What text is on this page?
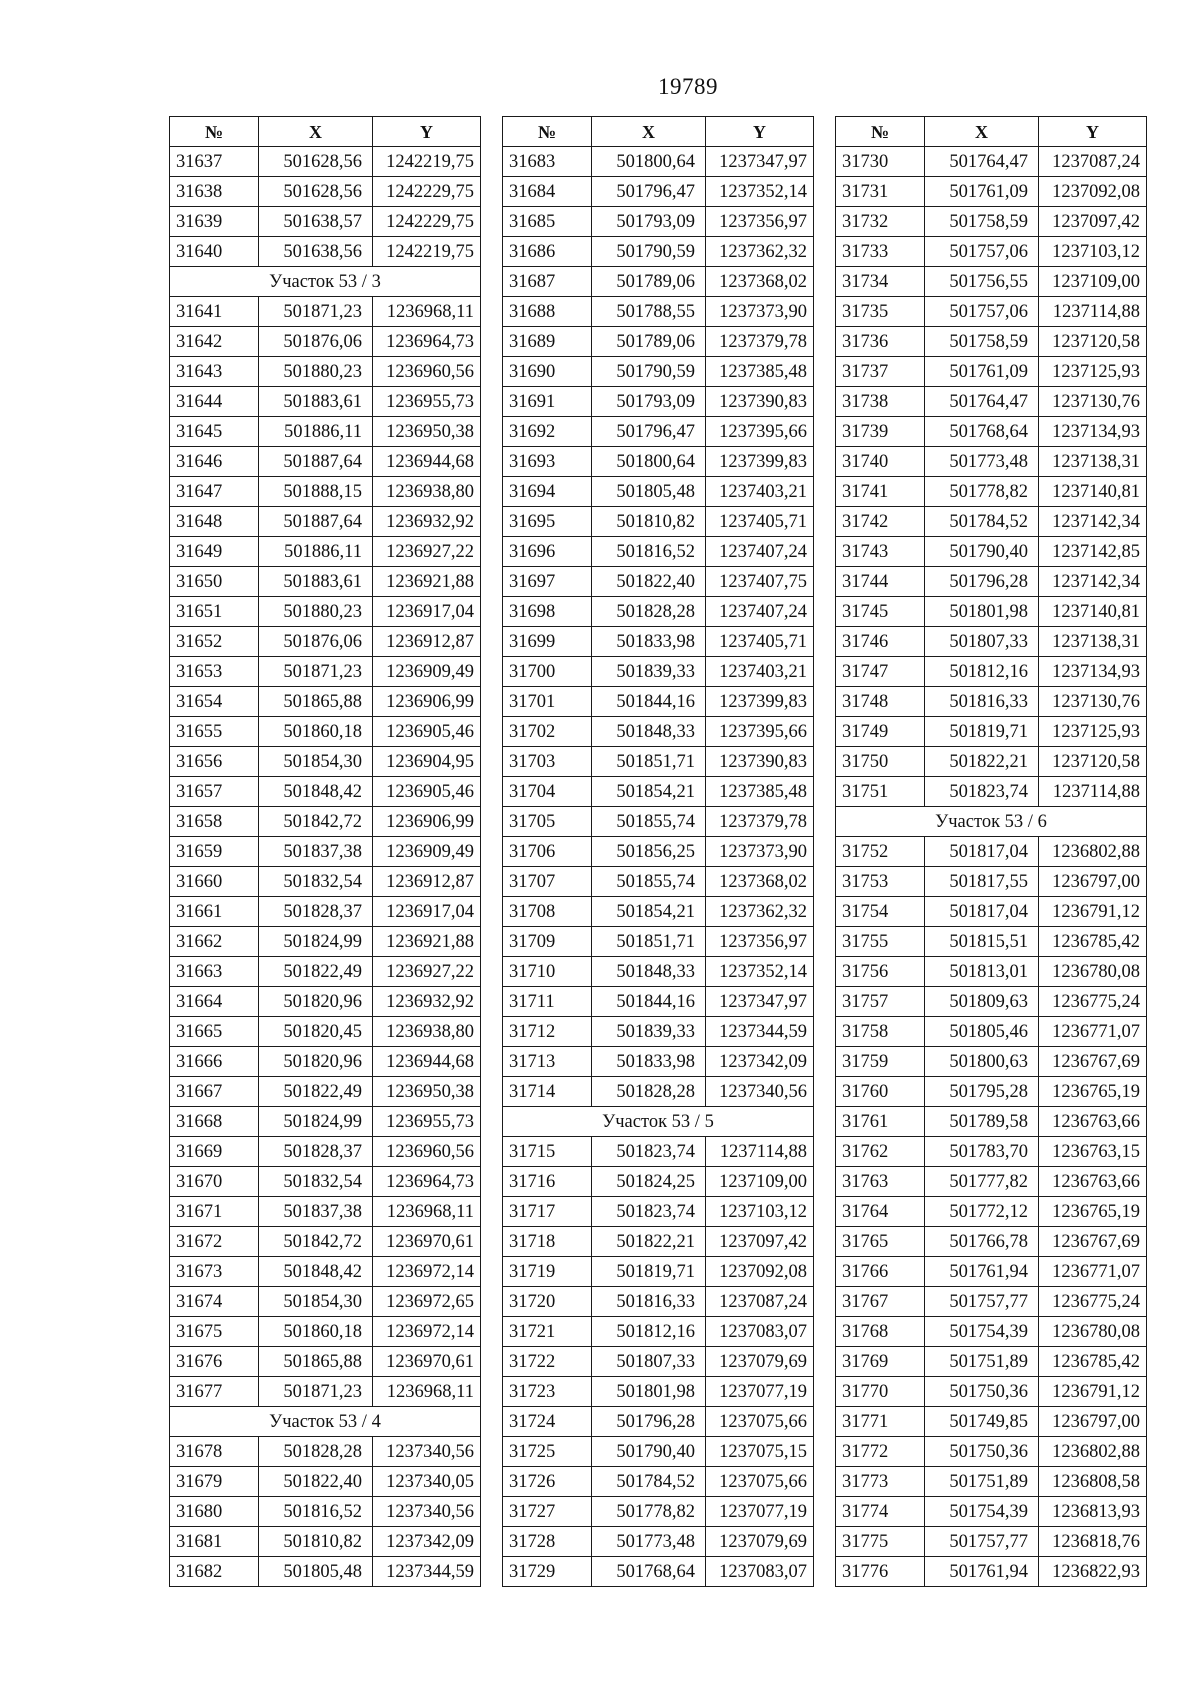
19789
№	X	Y
31637	501628,56	1242219,75
31638	501628,56	1242229,75
31639	501638,57	1242229,75
31640	501638,56	1242219,75
Участок 53 / 3		
31641	501871,23	1236968,11
31642	501876,06	1236964,73
31643	501880,23	1236960,56
31644	501883,61	1236955,73
31645	501886,11	1236950,38
31646	501887,64	1236944,68
31647	501888,15	1236938,80
31648	501887,64	1236932,92
31649	501886,11	1236927,22
31650	501883,61	1236921,88
31651	501880,23	1236917,04
31652	501876,06	1236912,87
31653	501871,23	1236909,49
31654	501865,88	1236906,99
31655	501860,18	1236905,46
31656	501854,30	1236904,95
31657	501848,42	1236905,46
31658	501842,72	1236906,99
31659	501837,38	1236909,49
31660	501832,54	1236912,87
31661	501828,37	1236917,04
31662	501824,99	1236921,88
31663	501822,49	1236927,22
31664	501820,96	1236932,92
31665	501820,45	1236938,80
31666	501820,96	1236944,68
31667	501822,49	1236950,38
31668	501824,99	1236955,73
31669	501828,37	1236960,56
31670	501832,54	1236964,73
31671	501837,38	1236968,11
31672	501842,72	1236970,61
31673	501848,42	1236972,14
31674	501854,30	1236972,65
31675	501860,18	1236972,14
31676	501865,88	1236970,61
31677	501871,23	1236968,11
Участок 53 / 4		
31678	501828,28	1237340,56
31679	501822,40	1237340,05
31680	501816,52	1237340,56
31681	501810,82	1237342,09
31682	501805,48	1237344,59
№	X	Y
31683	501800,64	1237347,97
31684	501796,47	1237352,14
31685	501793,09	1237356,97
31686	501790,59	1237362,32
31687	501789,06	1237368,02
31688	501788,55	1237373,90
31689	501789,06	1237379,78
31690	501790,59	1237385,48
31691	501793,09	1237390,83
31692	501796,47	1237395,66
31693	501800,64	1237399,83
31694	501805,48	1237403,21
31695	501810,82	1237405,71
31696	501816,52	1237407,24
31697	501822,40	1237407,75
31698	501828,28	1237407,24
31699	501833,98	1237405,71
31700	501839,33	1237403,21
31701	501844,16	1237399,83
31702	501848,33	1237395,66
31703	501851,71	1237390,83
31704	501854,21	1237385,48
31705	501855,74	1237379,78
31706	501856,25	1237373,90
31707	501855,74	1237368,02
31708	501854,21	1237362,32
31709	501851,71	1237356,97
31710	501848,33	1237352,14
31711	501844,16	1237347,97
31712	501839,33	1237344,59
31713	501833,98	1237342,09
31714	501828,28	1237340,56
Участок 53 / 5		
31715	501823,74	1237114,88
31716	501824,25	1237109,00
31717	501823,74	1237103,12
31718	501822,21	1237097,42
31719	501819,71	1237092,08
31720	501816,33	1237087,24
31721	501812,16	1237083,07
31722	501807,33	1237079,69
31723	501801,98	1237077,19
31724	501796,28	1237075,66
31725	501790,40	1237075,15
31726	501784,52	1237075,66
31727	501778,82	1237077,19
31728	501773,48	1237079,69
31729	501768,64	1237083,07
№	X	Y
31730	501764,47	1237087,24
31731	501761,09	1237092,08
31732	501758,59	1237097,42
31733	501757,06	1237103,12
31734	501756,55	1237109,00
31735	501757,06	1237114,88
31736	501758,59	1237120,58
31737	501761,09	1237125,93
31738	501764,47	1237130,76
31739	501768,64	1237134,93
31740	501773,48	1237138,31
31741	501778,82	1237140,81
31742	501784,52	1237142,34
31743	501790,40	1237142,85
31744	501796,28	1237142,34
31745	501801,98	1237140,81
31746	501807,33	1237138,31
31747	501812,16	1237134,93
31748	501816,33	1237130,76
31749	501819,71	1237125,93
31750	501822,21	1237120,58
31751	501823,74	1237114,88
Участок 53 / 6		
31752	501817,04	1236802,88
31753	501817,55	1236797,00
31754	501817,04	1236791,12
31755	501815,51	1236785,42
31756	501813,01	1236780,08
31757	501809,63	1236775,24
31758	501805,46	1236771,07
31759	501800,63	1236767,69
31760	501795,28	1236765,19
31761	501789,58	1236763,66
31762	501783,70	1236763,15
31763	501777,82	1236763,66
31764	501772,12	1236765,19
31765	501766,78	1236767,69
31766	501761,94	1236771,07
31767	501757,77	1236775,24
31768	501754,39	1236780,08
31769	501751,89	1236785,42
31770	501750,36	1236791,12
31771	501749,85	1236797,00
31772	501750,36	1236802,88
31773	501751,89	1236808,58
31774	501754,39	1236813,93
31775	501757,77	1236818,76
31776	501761,94	1236822,93
